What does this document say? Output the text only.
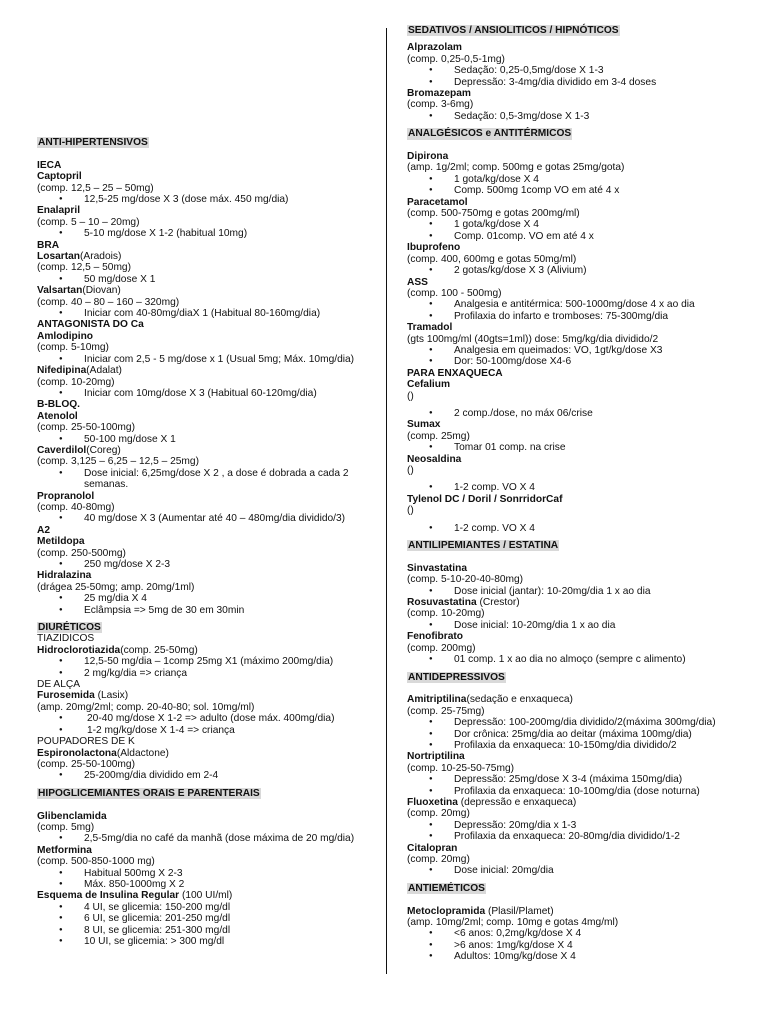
ANTI-HIPERTENSIVOS
IECA
Captopril
(comp. 12,5 – 25 – 50mg)
● 12,5-25 mg/dose X 3 (dose máx. 450 mg/dia)
Enalapril
(comp. 5 – 10 – 20mg)
● 5-10 mg/dose X 1-2 (habitual 10mg)
BRA
Losartan(Aradois)
(comp. 12,5 – 50mg)
● 50 mg/dose X 1
Valsartan(Diovan)
(comp. 40 – 80 – 160 – 320mg)
● Iniciar com 40-80mg/diaX 1 (Habitual 80-160mg/dia)
ANTAGONISTA DO Ca
Amlodipino
(comp. 5-10mg)
● Iniciar com 2,5 - 5 mg/dose x 1 (Usual 5mg; Máx. 10mg/dia)
Nifedipina(Adalat)
(comp. 10-20mg)
● Iniciar com 10mg/dose X 3 (Habitual 60-120mg/dia)
B-BLOQ.
Atenolol
(comp. 25-50-100mg)
● 50-100 mg/dose X 1
Caverdilol(Coreg)
(comp. 3,125 – 6,25 – 12,5 – 25mg)
● Dose inicial: 6,25mg/dose X 2 , a dose é dobrada a cada 2 semanas.
Propranolol
(comp. 40-80mg)
● 40 mg/dose X 3 (Aumentar até 40 – 480mg/dia dividido/3)
A2
Metildopa
(comp. 250-500mg)
● 250 mg/dose X 2-3
Hidralazina
(drágea 25-50mg; amp. 20mg/1ml)
● 25 mg/dia X 4
● Eclâmpsia => 5mg de 30 em 30min
DIURÉTICOS
TIAZIDICOS
Hidroclorotiazida(comp. 25-50mg)
● 12,5-50 mg/dia – 1comp 25mg X1 (máximo 200mg/dia)
● 2 mg/kg/dia => criança
DE ALÇA
Furosemida (Lasix)
(amp. 20mg/2ml; comp. 20-40-80; sol. 10mg/ml)
● 20-40 mg/dose X 1-2 => adulto (dose máx. 400mg/dia)
● 1-2 mg/kg/dose X 1-4 => criança
POUPADORES DE K
Espironolactona(Aldactone)
(comp. 25-50-100mg)
● 25-200mg/dia dividido em 2-4
HIPOGLICEMIANTES ORAIS E PARENTERAIS
Glibenclamida
(comp. 5mg)
● 2,5-5mg/dia no café da manhã (dose máxima de 20 mg/dia)
Metformina
(comp. 500-850-1000 mg)
● Habitual 500mg X 2-3
● Máx. 850-1000mg X 2
Esquema de Insulina Regular (100 UI/ml)
● 4 UI, se glicemia: 150-200 mg/dl
● 6 UI, se glicemia: 201-250 mg/dl
● 8 UI, se glicemia: 251-300 mg/dl
● 10 UI, se glicemia: > 300 mg/dl
SEDATIVOS / ANSIOLITICOS / HIPNÓTICOS
Alprazolam
(comp. 0,25-0,5-1mg)
● Sedação: 0,25-0,5mg/dose X 1-3
● Depressão: 3-4mg/dia dividido em 3-4 doses
Bromazepam
(comp. 3-6mg)
● Sedação: 0,5-3mg/dose X 1-3
ANALGÉSICOS e ANTITÉRMICOS
Dipirona
(amp. 1g/2ml; comp. 500mg e gotas 25mg/gota)
● 1 gota/kg/dose X 4
● Comp. 500mg 1comp VO em até 4 x
Paracetamol
(comp. 500-750mg e gotas 200mg/ml)
● 1 gota/kg/dose X 4
● Comp. 01comp. VO em até 4 x
Ibuprofeno
(comp. 400, 600mg e gotas 50mg/ml)
● 2 gotas/kg/dose X 3 (Alivium)
ASS
(comp. 100 - 500mg)
● Analgesia e antitérmica: 500-1000mg/dose 4 x ao dia
● Profilaxia do infarto e tromboses: 75-300mg/dia
Tramadol
(gts 100mg/ml (40gts=1ml)) dose: 5mg/kg/dia dividido/2
● Analgesia em queimados: VO, 1gt/kg/dose X3
● Dor: 50-100mg/dose X4-6
PARA ENXAQUECA
Cefalium
()
● 2 comp./dose, no máx 06/crise
Sumax
(comp. 25mg)
● Tomar 01 comp. na crise
Neosaldina
()
● 1-2 comp. VO X 4
Tylenol DC / Doril / SonrridorCaf
()
● 1-2 comp. VO X 4
ANTILIPEMIANTES / ESTATINA
Sinvastatina
(comp. 5-10-20-40-80mg)
● Dose inicial (jantar): 10-20mg/dia 1 x ao dia
Rosuvastatina (Crestor)
(comp. 10-20mg)
● Dose inicial: 10-20mg/dia 1 x ao dia
Fenofibrato
(comp. 200mg)
● 01 comp. 1 x ao dia no almoço (sempre c alimento)
ANTIDEPRESSIVOS
Amitriptilina(sedação e enxaqueca)
(comp. 25-75mg)
● Depressão: 100-200mg/dia dividido/2(máxima 300mg/dia)
● Dor crônica: 25mg/dia ao deitar (máxima 100mg/dia)
● Profilaxia da enxaqueca: 10-150mg/dia dividido/2
Nortriptilina
(comp. 10-25-50-75mg)
● Depressão: 25mg/dose X 3-4 (máxima 150mg/dia)
● Profilaxia da enxaqueca: 10-100mg/dia (dose noturna)
Fluoxetina (depressão e enxaqueca)
(comp. 20mg)
● Depressão: 20mg/dia x 1-3
● Profilaxia da enxaqueca: 20-80mg/dia dividido/1-2
Citalopran
(comp. 20mg)
● Dose inicial: 20mg/dia
ANTIEMÉTICOS
Metoclopramida (Plasil/Plamet)
(amp. 10mg/2ml; comp. 10mg e gotas 4mg/ml)
● <6 anos: 0,2mg/kg/dose X 4
● >6 anos: 1mg/kg/dose X 4
● Adultos: 10mg/kg/dose X 4
